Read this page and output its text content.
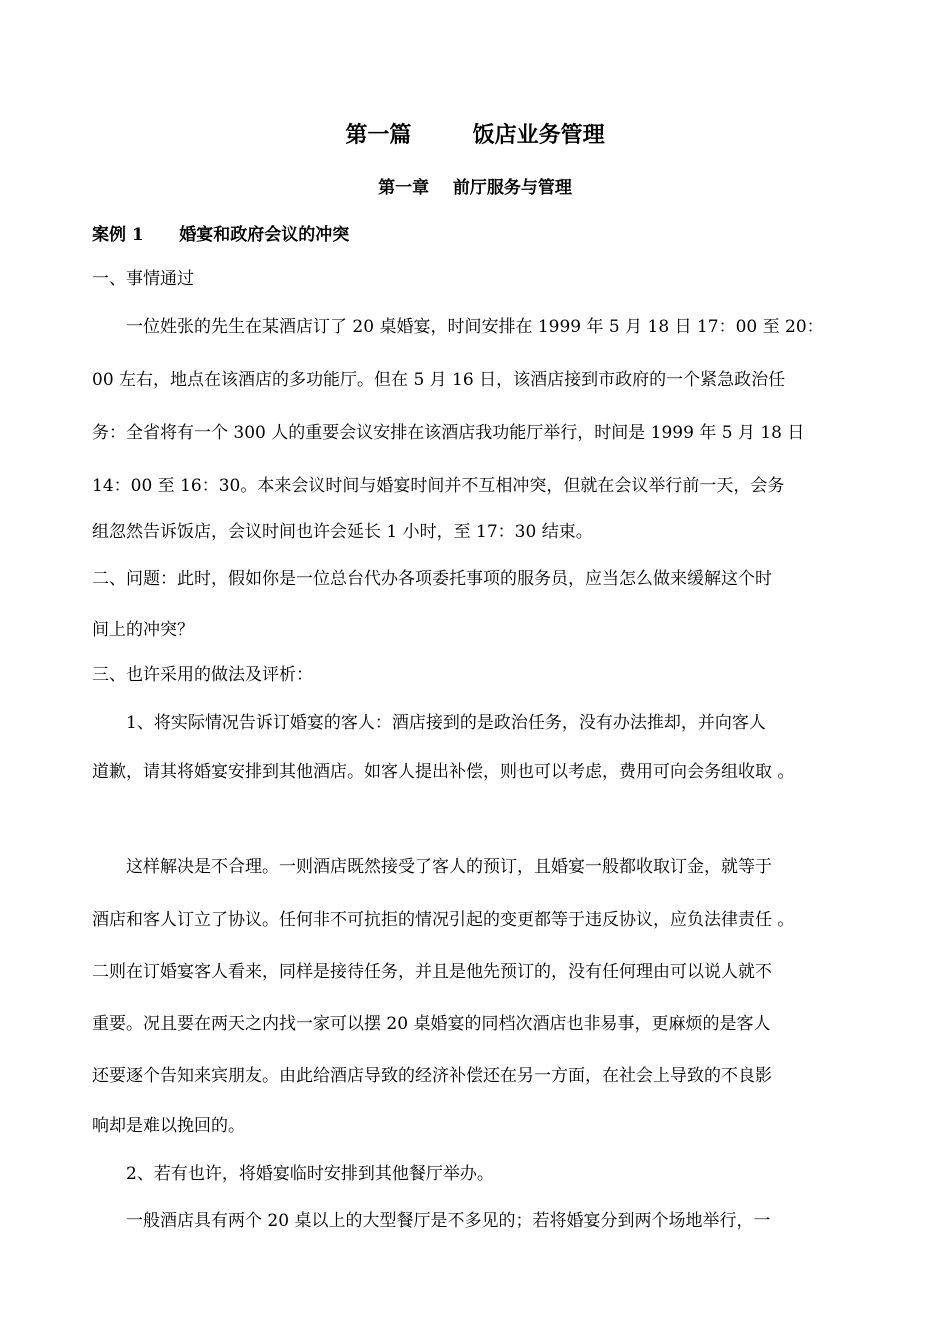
第一篇        饭店业务管理
第一章    前厅服务与管理
案例 1      婚宴和政府会议的冲突
一、事情通过
一位姓张的先生在某酒店订了 20 桌婚宴，时间安排在 1999 年 5 月 18 日 17：00 至 20：
00 左右，地点在该酒店的多功能厅。但在 5 月 16 日，该酒店接到市政府的一个紧急政治任
务：全省将有一个 300 人的重要会议安排在该酒店我功能厅举行，时间是 1999 年 5 月 18 日
14：00 至 16：30。本来会议时间与婚宴时间并不互相冲突，但就在会议举行前一天，会务
组忽然告诉饭店，会议时间也许会延长 1 小时，至 17：30 结束。
二、问题：此时，假如你是一位总台代办各项委托事项的服务员，应当怎么做来缓解这个时
间上的冲突？
三、也许采用的做法及评析：
1、将实际情况告诉订婚宴的客人：酒店接到的是政治任务，没有办法推却，并向客人
道歉，请其将婚宴安排到其他酒店。如客人提出补偿，则也可以考虑，费用可向会务组收取 。
这样解决是不合理。一则酒店既然接受了客人的预订，且婚宴一般都收取订金，就等于
酒店和客人订立了协议。任何非不可抗拒的情况引起的变更都等于违反协议，应负法律责任 。
二则在订婚宴客人看来，同样是接待任务，并且是他先预订的，没有任何理由可以说人就不
重要。况且要在两天之内找一家可以摆 20 桌婚宴的同档次酒店也非易事，更麻烦的是客人
还要逐个告知来宾朋友。由此给酒店导致的经济补偿还在另一方面，在社会上导致的不良影
响却是难以挽回的。
2、若有也许，将婚宴临时安排到其他餐厅举办。
一般酒店具有两个 20 桌以上的大型餐厅是不多见的；若将婚宴分到两个场地举行，一
